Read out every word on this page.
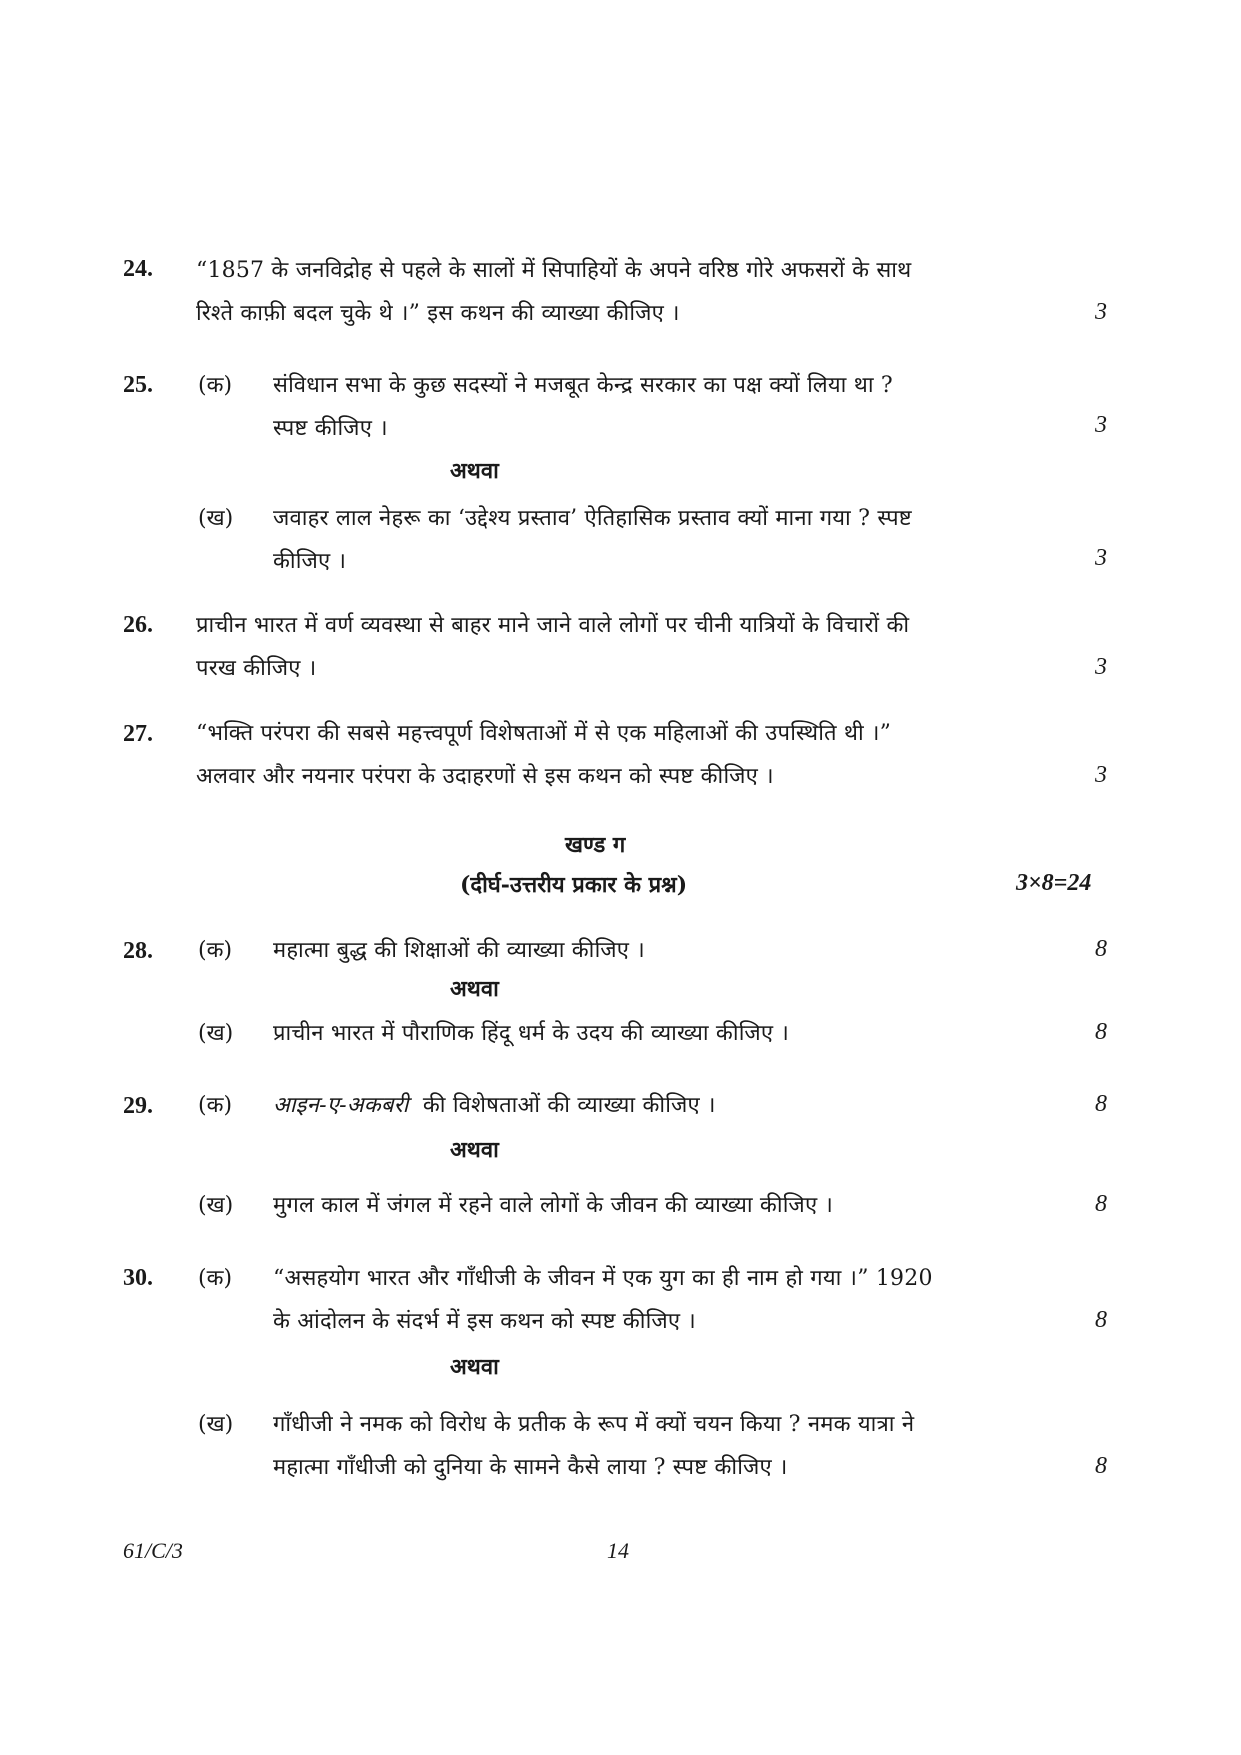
24. “1857 के जनविद्रोह से पहले के सालों में सिपाहियों के अपने वरिष्ठ गोरे अफसरों के साथ
रिश्ते काफ़ी बदल चुके थे ।” इस कथन की व्याख्या कीजिए ।	3
25. (क) संविधान सभा के कुछ सदस्यों ने मजबूत केन्द्र सरकार का पक्ष क्यों लिया था ?
स्पष्ट कीजिए ।	3
अथवा
(ख) जवाहर लाल नेहरू का ‘उद्देश्य प्रस्ताव’ ऐतिहासिक प्रस्ताव क्यों माना गया ? स्पष्ट
कीजिए ।	3
26. प्राचीन भारत में वर्ण व्यवस्था से बाहर माने जाने वाले लोगों पर चीनी यात्रियों के विचारों की
परख कीजिए ।	3
27. “भक्ति परंपरा की सबसे महत्त्वपूर्ण विशेषताओं में से एक महिलाओं की उपस्थिति थी ।”
अलवार और नयनार परंपरा के उदाहरणों से इस कथन को स्पष्ट कीजिए ।	3
खण्ड ग
(दीर्घ-उत्तरीय प्रकार के प्रश्न)	3×8=24
28. (क) महात्मा बुद्ध की शिक्षाओं की व्याख्या कीजिए ।	8
अथवा
(ख) प्राचीन भारत में पौराणिक हिंदू धर्म के उदय की व्याख्या कीजिए ।	8
29. (क) आइन-ए-अकबरी की विशेषताओं की व्याख्या कीजिए ।	8
अथवा
(ख) मुगल काल में जंगल में रहने वाले लोगों के जीवन की व्याख्या कीजिए ।	8
30. (क) “असहयोग भारत और गाँधीजी के जीवन में एक युग का ही नाम हो गया ।” 1920
के आंदोलन के संदर्भ में इस कथन को स्पष्ट कीजिए ।	8
अथवा
(ख) गाँधीजी ने नमक को विरोध के प्रतीक के रूप में क्यों चयन किया ? नमक यात्रा ने
महात्मा गाँधीजी को दुनिया के सामने कैसे लाया ? स्पष्ट कीजिए ।	8
61/C/3	14
